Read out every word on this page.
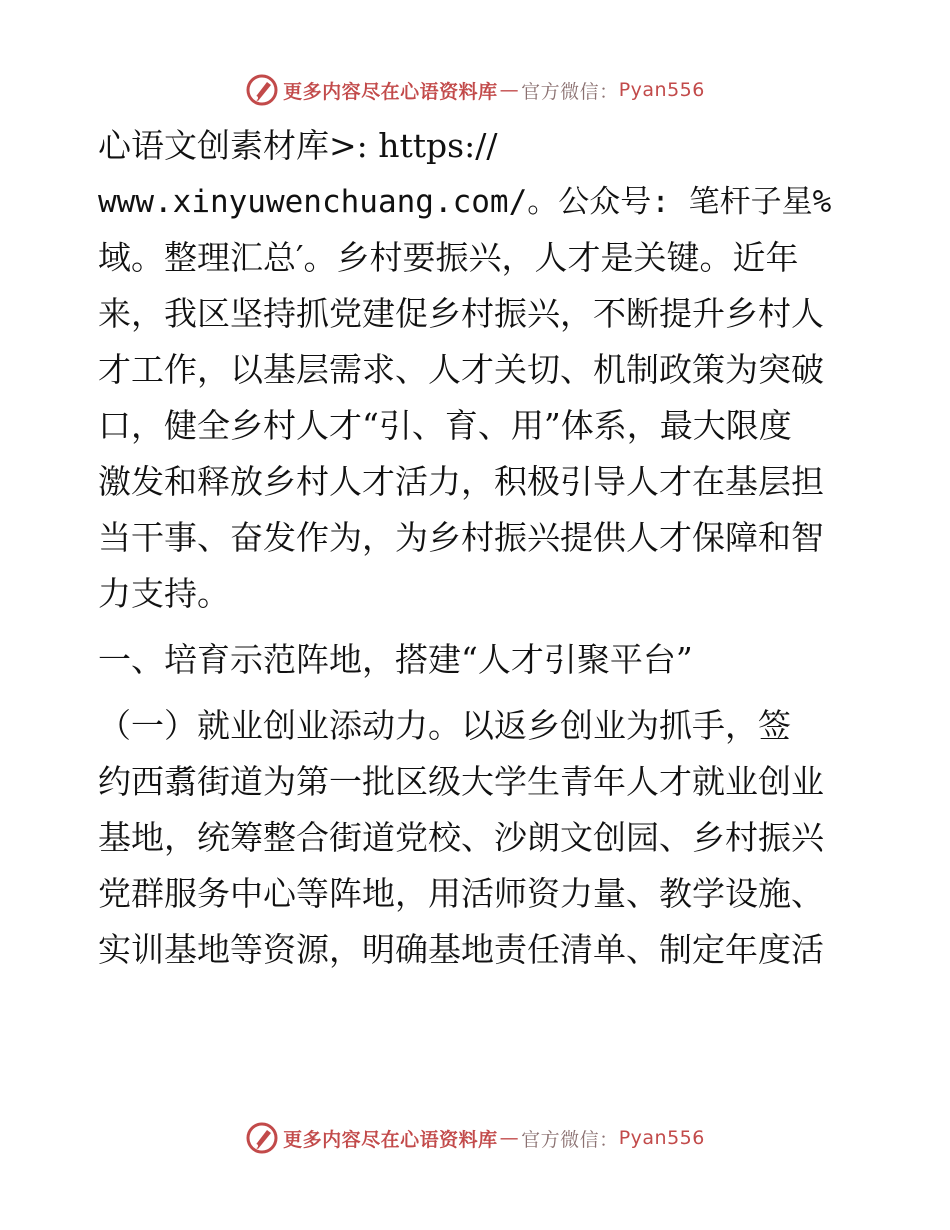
更多内容尽在心语资料库 — 官方微信： Pyan556
心语文创素材库>: https://
www.xinyuwenchuang.com/。公众号: 笔杆子星%
域。整理汇总′。乡村要振兴，人才是关键。近年
来，我区坚持抓党建促乡村振兴，不断提升乡村人
才工作，以基层需求、人才关切、机制政策为突破
口，健全乡村人才“引、育、用”体系，最大限度
激发和释放乡村人才活力，积极引导人才在基层担
当干事、奋发作为，为乡村振兴提供人才保障和智
力支持。
一、培育示范阵地，搭建“人才引聚平台”
（一）就业创业添动力。以返乡创业为抓手，签
约西翥街道为第一批区级大学生青年人才就业创业
基地，统筹整合街道党校、沙朗文创园、乡村振兴
党群服务中心等阵地，用活师资力量、教学设施、
实训基地等资源，明确基地责任清单、制定年度活
更多内容尽在心语资料库 — 官方微信： Pyan556
